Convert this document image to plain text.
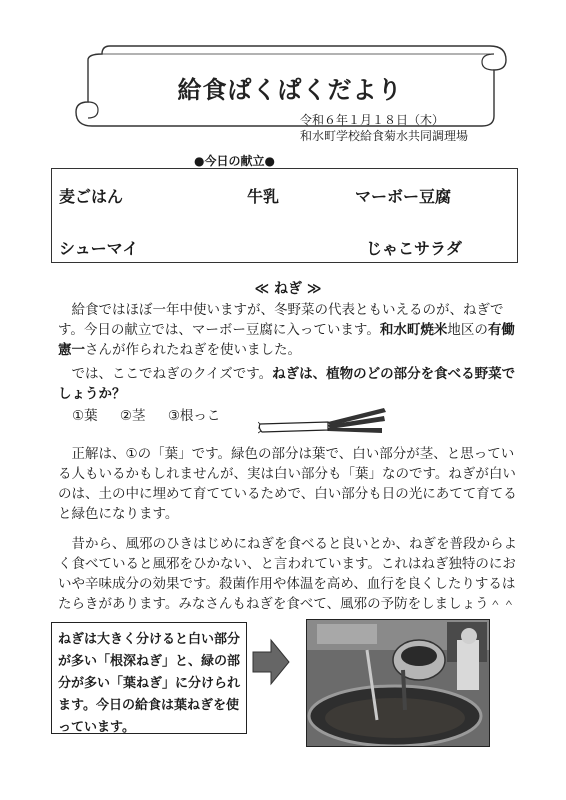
給食ぱくぱくだより
令和６年１月１８日（木）
和水町学校給食菊水共同調理場
●今日の献立●
麦ごはん	牛乳	マーボー豆腐
シューマイ	じゃこサラダ
≪ ねぎ ≫

　給食ではほぼ一年中使いますが、冬野菜の代表ともいえるのが、ねぎです。今日の献立では、マーボー豆腐に入っています。和水町焼米地区の有働憲一さんが作られたねぎを使いました。

　では、ここでねぎのクイズです。ねぎは、植物のどの部分を食べる野菜でしょうか？

①葉 ②茎 ③根っこ

　正解は、①の「葉」です。緑色の部分は葉で、白い部分が茎、と思っている人もいるかもしれませんが、実は白い部分も「葉」なのです。ねぎが白いのは、土の中に埋めて育てているためで、白い部分も日の光にあてて育てると緑色になります。

　昔から、風邪のひきはじめにねぎを食べると良いとか、ねぎを普段からよく食べていると風邪をひかない、と言われています。これはねぎ独特のにおいや辛味成分の効果です。殺菌作用や体温を高め、血行を良くしたりするはたらきがあります。みなさんもねぎを食べて、風邪の予防をしましょう＾＾

ねぎは大きく分けると白い部分が多い「根深ねぎ」と、緑の部分が多い「葉ねぎ」に分けられます。今日の給食は葉ねぎを使っています。
